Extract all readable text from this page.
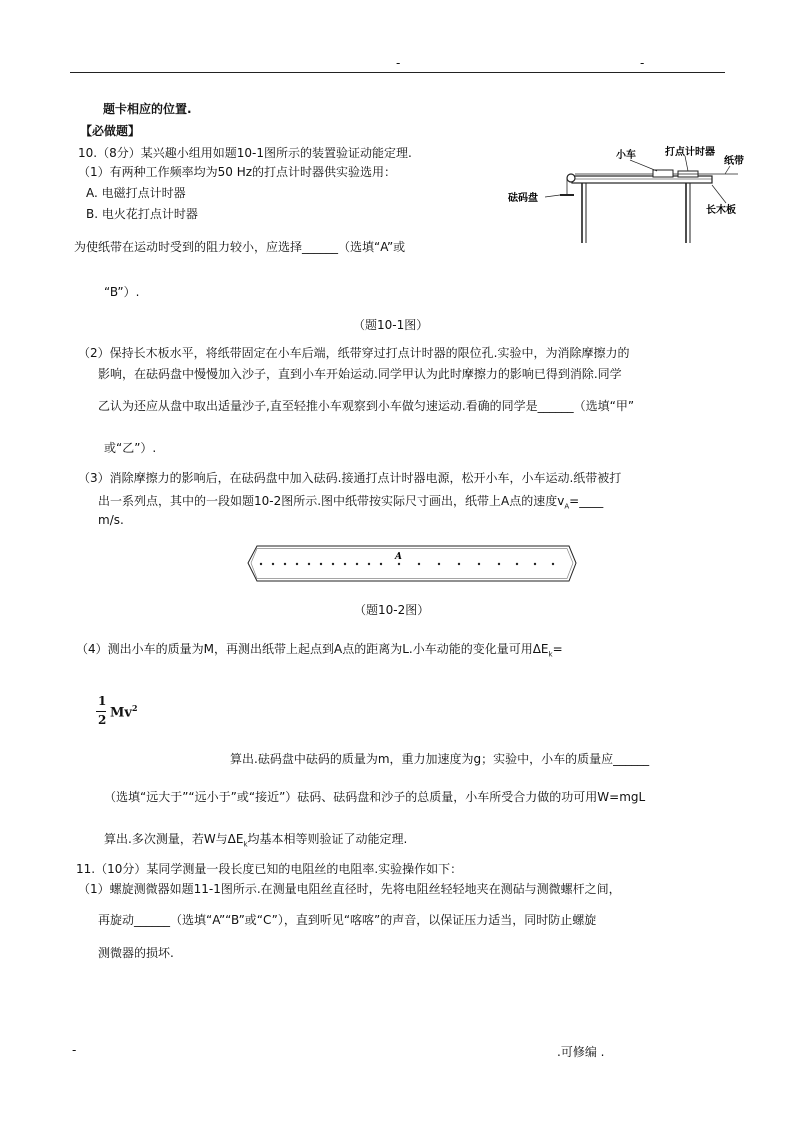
-	-
题卡相应的位置.
【必做题】
10.（8分）某兴趣小组用如题10-1图所示的装置验证动能定理.
（1）有两种工作频率均为50 Hz的打点计时器供实验选用：
A. 电磁打点计时器
B. 电火花打点计时器
为使纸带在运动时受到的阻力较小，应选择______（选填“A”或
“B”）.
（题10-1图）
（2）保持长木板水平，将纸带固定在小车后端，纸带穿过打点计时器的限位孔.实验中，为消除摩擦力的
影响，在砝码盘中慢慢加入沙子，直到小车开始运动.同学甲认为此时摩擦力的影响已得到消除.同学
乙认为还应从盘中取出适量沙子,直至轻推小车观察到小车做匀速运动.看确的同学是______（选填“甲”
或“乙”）.
（3）消除摩擦力的影响后，在砝码盘中加入砝码.接通打点计时器电源，松开小车，小车运动.纸带被打
出一系列点，其中的一段如题10-2图所示.图中纸带按实际尺寸画出，纸带上A点的速度$v_A=\_\_\_\_$
m/s.
A
（题10-2图）
（4）测出小车的质量为M，再测出纸带上起点到A点的距离为L.小车动能的变化量可用$\Delta E_k=$
1
2 Mv$^2$
算出.砝码盘中砝码的质量为m，重力加速度为g；实验中，小车的质量应______
（选填“远大于”“远小于”或“接近”）砝码、砝码盘和沙子的总质量，小车所受合力做的功可用W=mgL
算出.多次测量，若W与$\Delta E_k$均基本相等则验证了动能定理.
11.（10分）某同学测量一段长度已知的电阻丝的电阻率.实验操作如下：
（1）螺旋测微器如题11-1图所示.在测量电阻丝直径时，先将电阻丝轻轻地夹在测砧与测微螺杆之间，
再旋动______（选填“A”“B”或“C”），直到听见“喀喀”的声音，以保证压力适当，同时防止螺旋
测微器的损坏.
小车	打点计时器
纸带
砝码盘
长木板
-	.可修编 .
